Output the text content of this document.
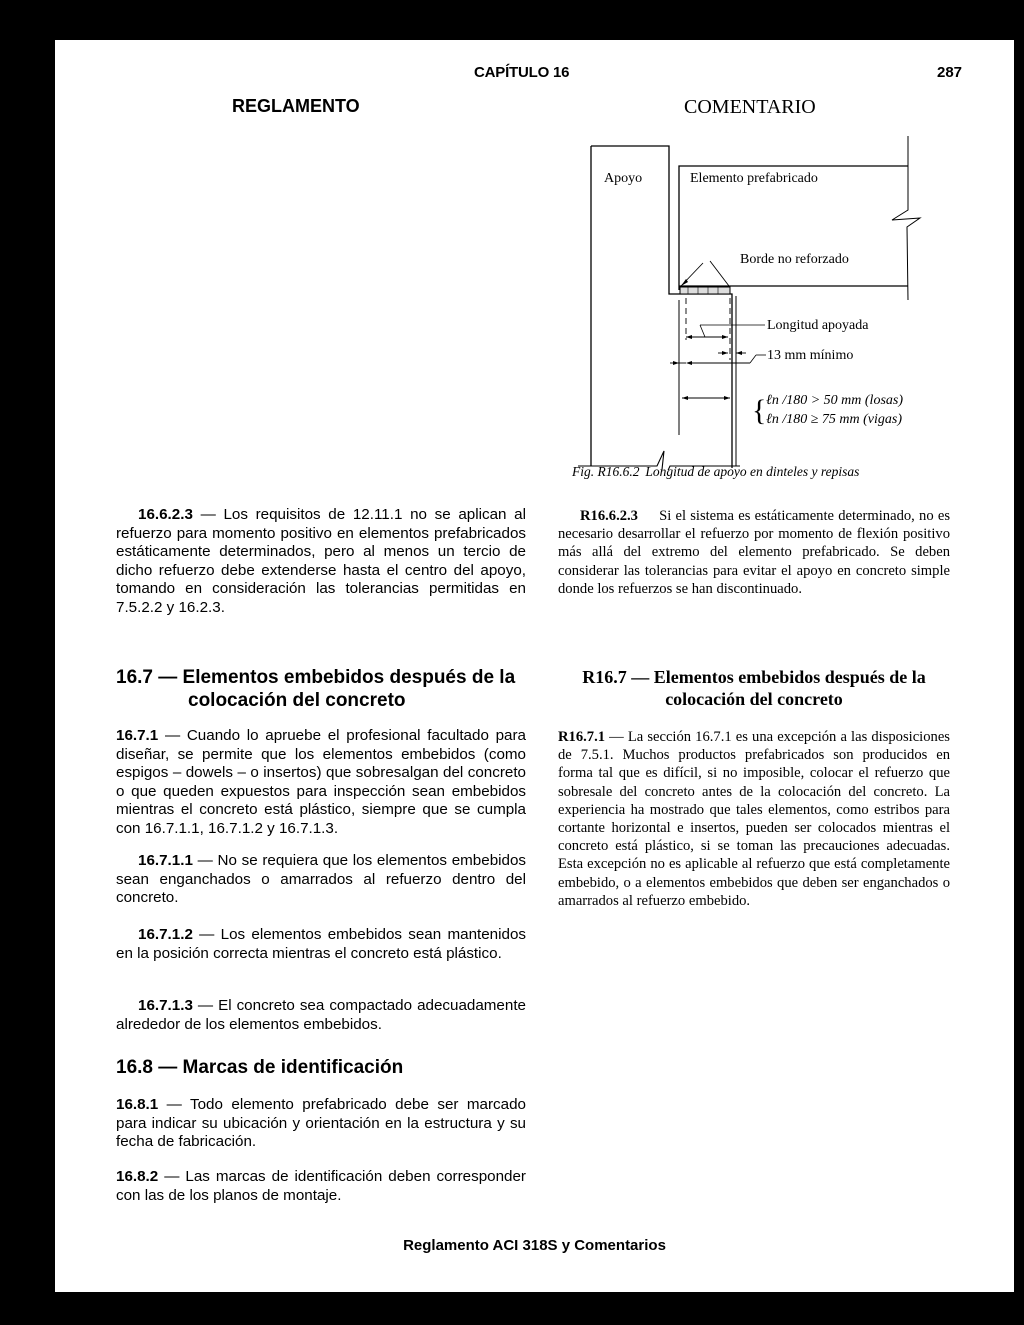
CAPÍTULO 16	287
REGLAMENTO	COMENTARIO
Apoyo	Elemento prefabricado
Borde no reforzado
Longitud apoyada
13 mm mínimo
{ ℓn /180 > 50 mm (losas)
ℓn /180 ≥ 75 mm (vigas)
Fig. R16.6.2 Longitud de apoyo en dinteles y repisas

16.6.2.3 — Los requisitos de 12.11.1 no se aplican al refuerzo para momento positivo en elementos prefabricados estáticamente determinados, pero al menos un tercio de dicho refuerzo debe extenderse hasta el centro del apoyo, tomando en consideración las tolerancias permitidas en 7.5.2.2 y 16.2.3.

16.7 — Elementos embebidos después de la
colocación del concreto

16.7.1 — Cuando lo apruebe el profesional facultado para diseñar, se permite que los elementos embebidos (como espigos – dowels – o insertos) que sobresalgan del concreto o que queden expuestos para inspección sean embebidos mientras el concreto está plástico, siempre que se cumpla con 16.7.1.1, 16.7.1.2 y 16.7.1.3.

16.7.1.1 — No se requiera que los elementos embebidos sean enganchados o amarrados al refuerzo dentro del concreto.

16.7.1.2 — Los elementos embebidos sean mantenidos en la posición correcta mientras el concreto está plástico.

16.7.1.3 — El concreto sea compactado adecuadamente alrededor de los elementos embebidos.

16.8 — Marcas de identificación

16.8.1 — Todo elemento prefabricado debe ser marcado para indicar su ubicación y orientación en la estructura y su fecha de fabricación.

16.8.2 — Las marcas de identificación deben corresponder con las de los planos de montaje.

R16.6.2.3     Si el sistema es estáticamente determinado, no es necesario desarrollar el refuerzo por momento de flexión positivo más allá del extremo del elemento prefabricado. Se deben considerar las tolerancias para evitar el apoyo en concreto simple donde los refuerzos se han discontinuado.

R16.7 — Elementos embebidos después de la
colocación del concreto

R16.7.1 — La sección 16.7.1 es una excepción a las disposiciones de 7.5.1. Muchos productos prefabricados son producidos en forma tal que es difícil, si no imposible, colocar el refuerzo que sobresale del concreto antes de la colocación del concreto. La experiencia ha mostrado que tales elementos, como estribos para cortante horizontal e insertos, pueden ser colocados mientras el concreto está plástico, si se toman las precauciones adecuadas. Esta excepción no es aplicable al refuerzo que está completamente embebido, o a elementos embebidos que deben ser enganchados o amarrados al refuerzo embebido.

Reglamento ACI 318S y Comentarios
